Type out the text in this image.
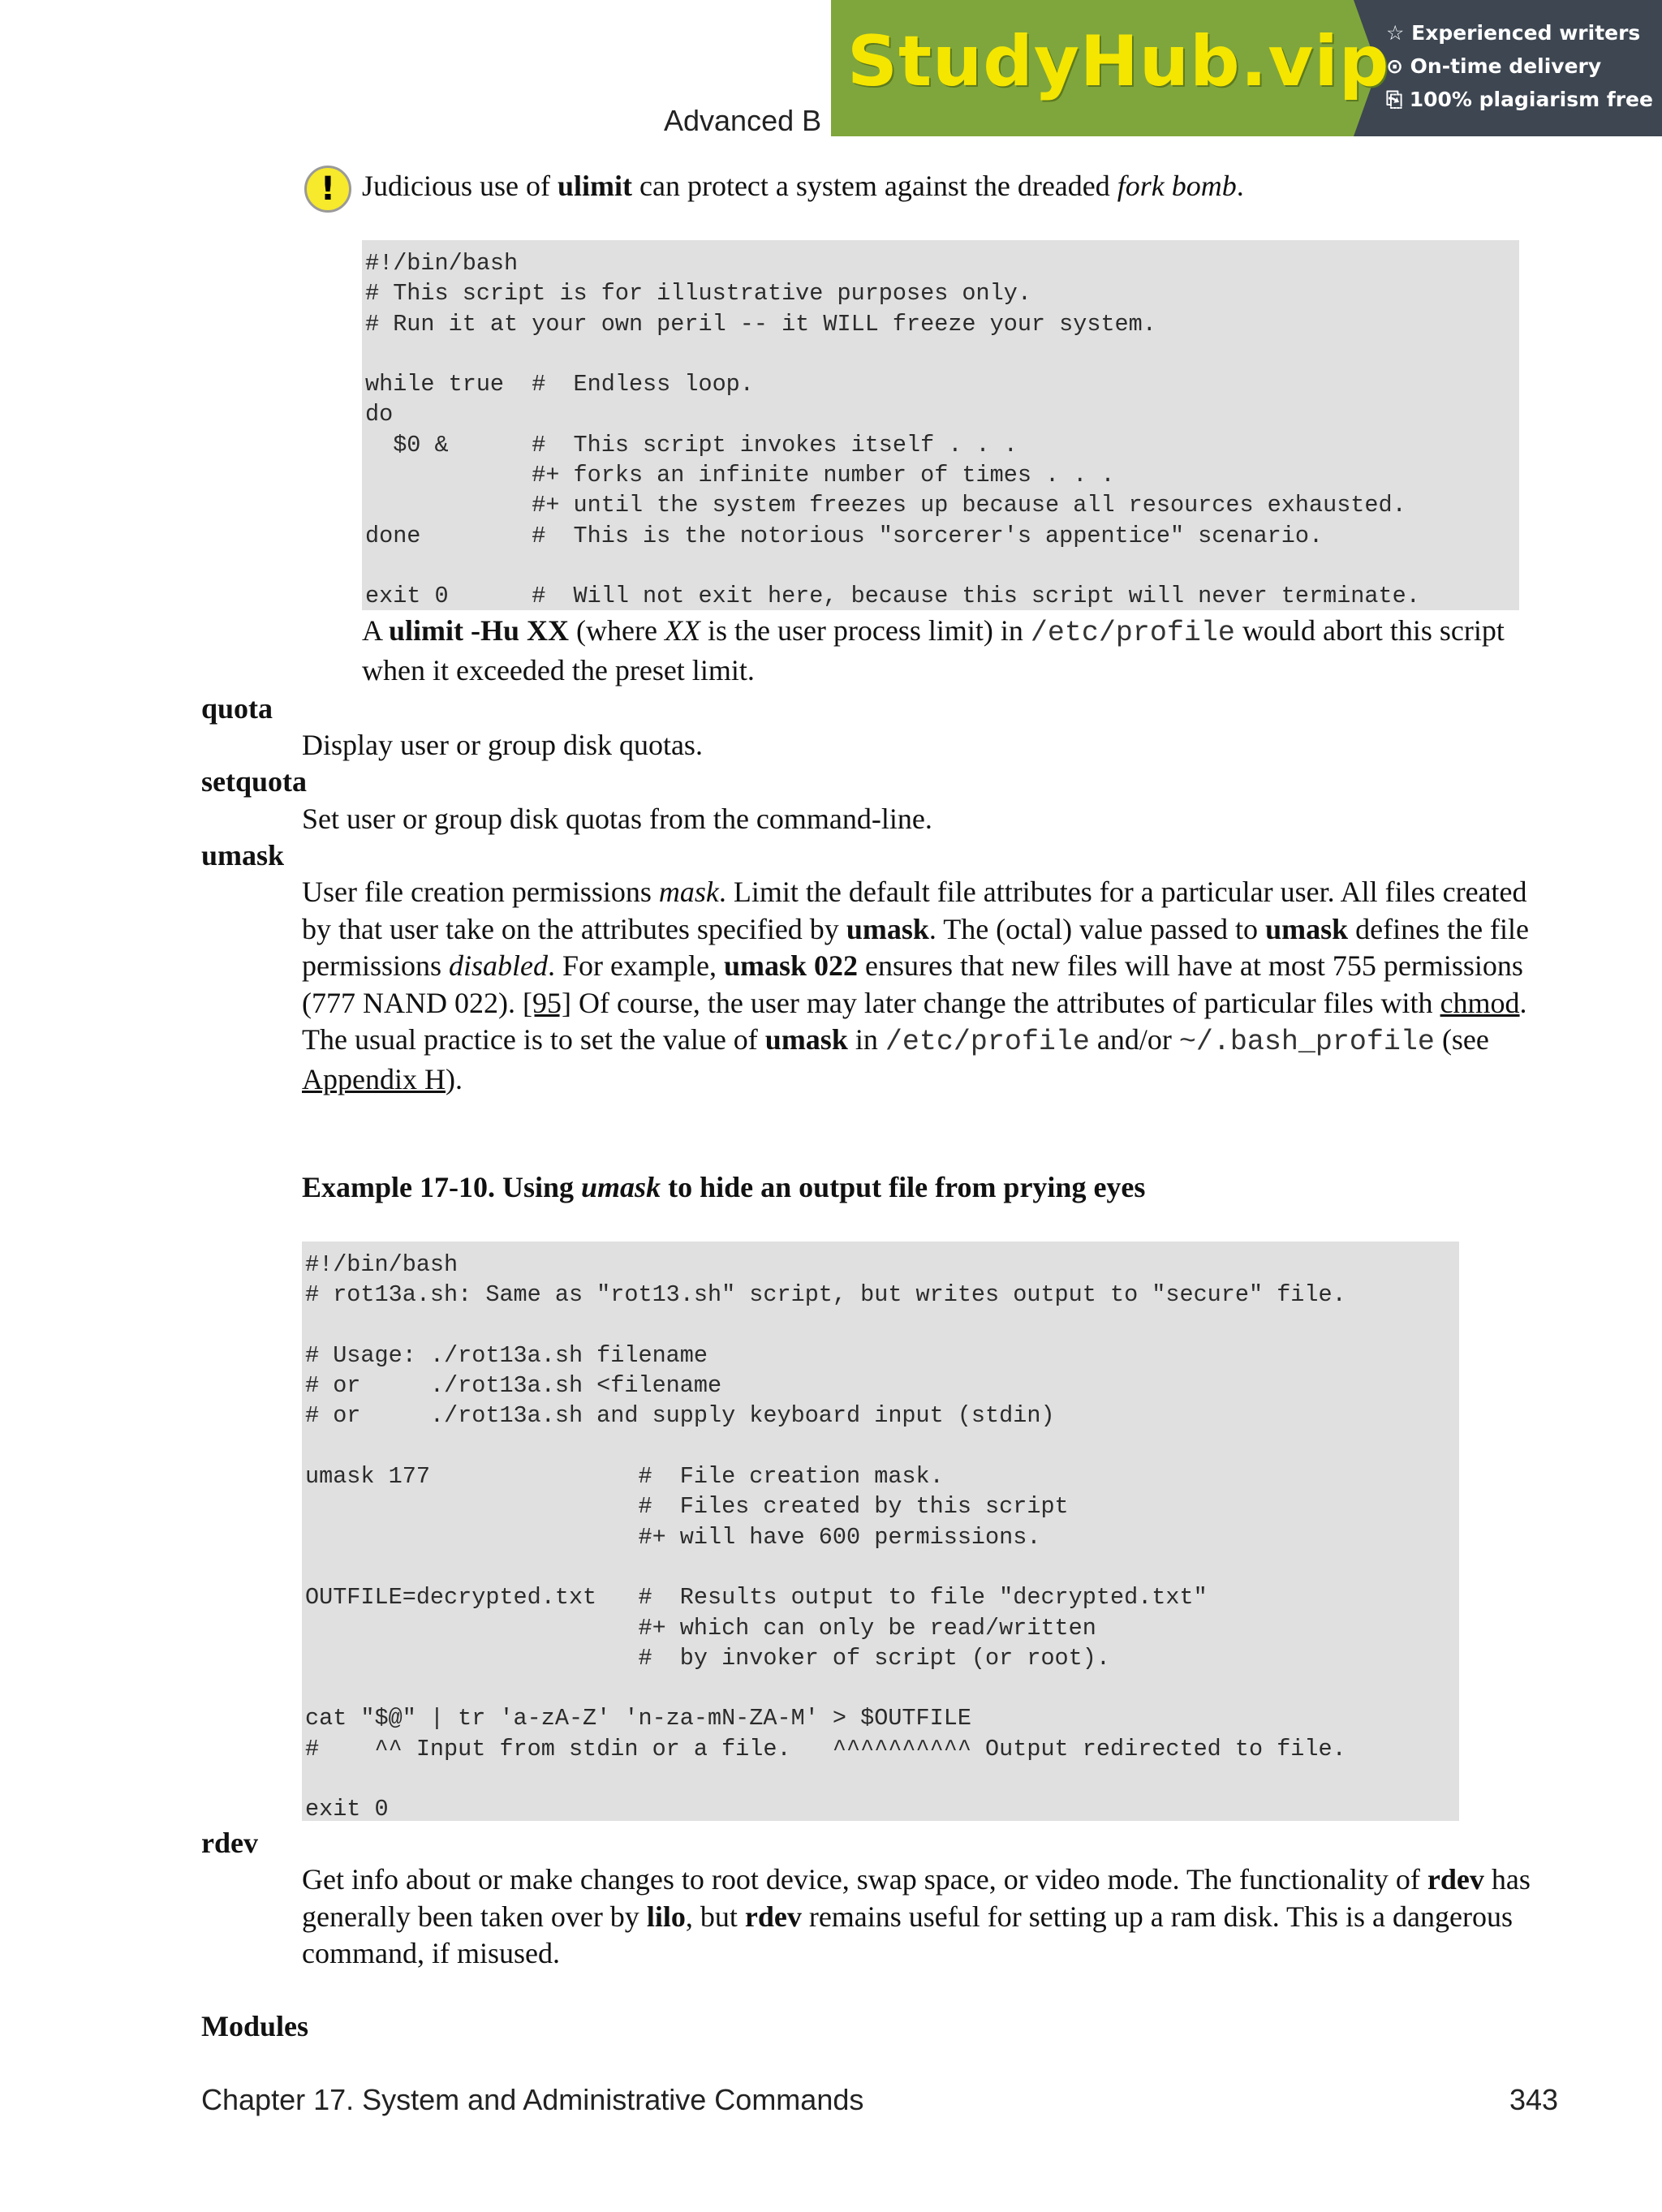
Advanced B
StudyHub.vip
☆ Experienced writers
⊙ On-time delivery
⎘ 100% plagiarism free
! Judicious use of ulimit can protect a system against the dreaded fork bomb.
#!/bin/bash
# This script is for illustrative purposes only.
# Run it at your own peril -- it WILL freeze your system.

while true  #  Endless loop.
do
$0 &      #  This script invokes itself . . .
#+ forks an infinite number of times . . .
#+ until the system freezes up because all resources exhausted.
done        #  This is the notorious "sorcerer's appentice" scenario.

exit 0      #  Will not exit here, because this script will never terminate.
A ulimit -Hu XX (where XX is the user process limit) in /etc/profile would abort this script when it exceeded the preset limit.
quota
Display user or group disk quotas.
setquota
Set user or group disk quotas from the command-line.
umask
User file creation permissions mask. Limit the default file attributes for a particular user. All files created by that user take on the attributes specified by umask. The (octal) value passed to umask defines the file permissions disabled. For example, umask 022 ensures that new files will have at most 755 permissions (777 NAND 022). [95] Of course, the user may later change the attributes of particular files with chmod. The usual practice is to set the value of umask in /etc/profile and/or ~/.bash_profile (see Appendix H).
Example 17-10. Using umask to hide an output file from prying eyes
#!/bin/bash
# rot13a.sh: Same as "rot13.sh" script, but writes output to "secure" file.

# Usage: ./rot13a.sh filename
# or     ./rot13a.sh <filename
# or     ./rot13a.sh and supply keyboard input (stdin)

umask 177               #  File creation mask.
#  Files created by this script
#+ will have 600 permissions.

OUTFILE=decrypted.txt   #  Results output to file "decrypted.txt"
#+ which can only be read/written
#  by invoker of script (or root).

cat "$@" | tr 'a-zA-Z' 'n-za-mN-ZA-M' > $OUTFILE
#    ^^ Input from stdin or a file.   ^^^^^^^^^^ Output redirected to file.

exit 0
rdev
Get info about or make changes to root device, swap space, or video mode. The functionality of rdev has generally been taken over by lilo, but rdev remains useful for setting up a ram disk. This is a dangerous command, if misused.
Modules
Chapter 17. System and Administrative Commands	343
